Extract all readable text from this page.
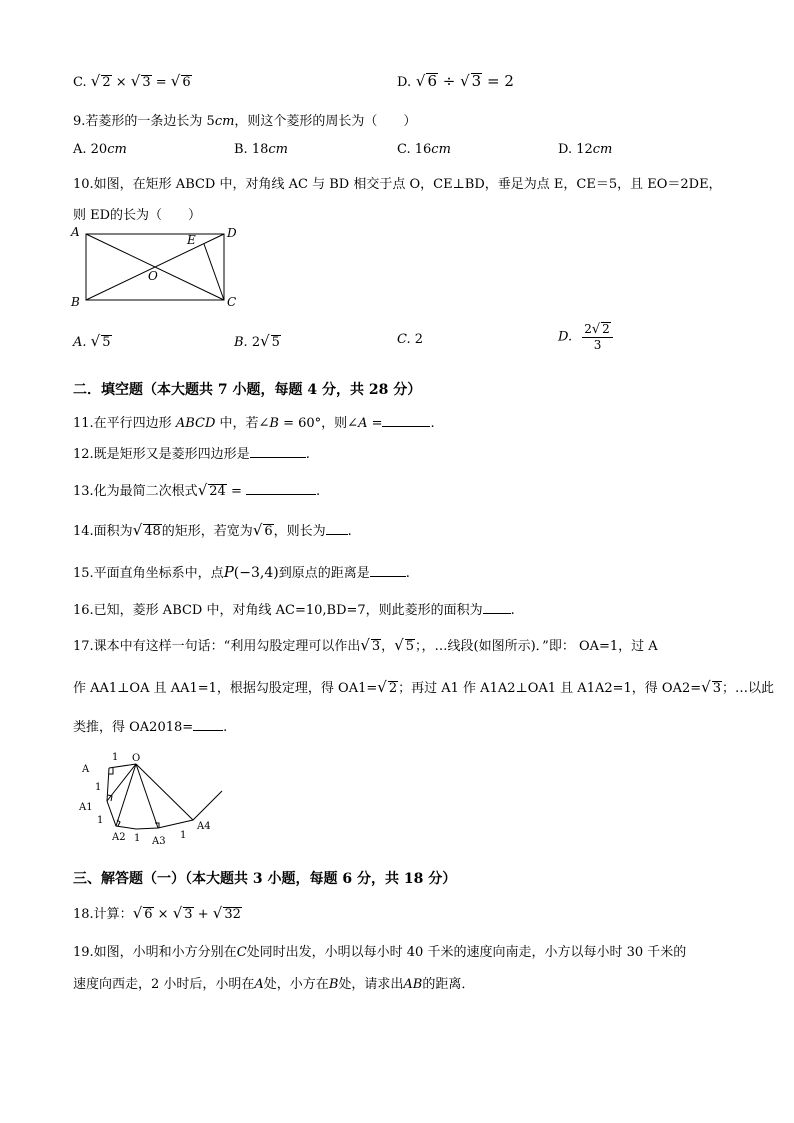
C. √ 2 × √ 3 = √ 6	D. √ 6 ÷ √ 3 = 2
9.若菱形的一条边长为 5cm，则这个菱形的周长为（　　）
A. 20cm	B. 18cm	C. 16cm	D. 12cm
10.如图，在矩形 ABCD 中，对角线 AC 与 BD 相交于点 O，CE⊥BD，垂足为点 E，CE＝5，且 EO＝2DE，
则 ED的长为（　　）
A	D
E
O
B	C
A. √ 5	B. 2√ 5	C. 2	D. $\frac{2√ 2}{3}$
二．填空题（本大题共 7 小题，每题 4 分，共 28 分）
11.在平行四边形 ABCD 中，若∠B = 60°，则∠A =	.
12.既是矩形又是菱形四边形是	.
13.化为最简二次根式√ 24 =	.
14.面积为√ 48的矩形，若宽为√ 6，则长为 .
15.平面直角坐标系中，点P(−3,4)到原点的距离是	.
16.已知，菱形 ABCD 中，对角线 AC=10,BD=7，则此菱形的面积为 .
17.课本中有这样一句话：“利用勾股定理可以作出√ 3，√ 5；，…线段(如图所示)．”即： OA=1，过 A
作 AA1⊥OA 且 AA1=1，根据勾股定理，得 OA1=√ 2；再过 A1 作 A1A2⊥OA1 且 A1A2=1，得 OA2=√ 3；…以此
类推，得 OA2018= .
A
1 O
1
A1
1
A2 1 A3
1
A4
三、解答题（一）（本大题共 3 小题，每题 6 分，共 18 分）
18.计算：√ 6 × √ 3 + √ 32
19.如图，小明和小方分别在C处同时出发，小明以每小时 40 千米的速度向南走，小方以每小时 30 千米的
速度向西走，2 小时后，小明在A处，小方在B处，请求出AB的距离．
